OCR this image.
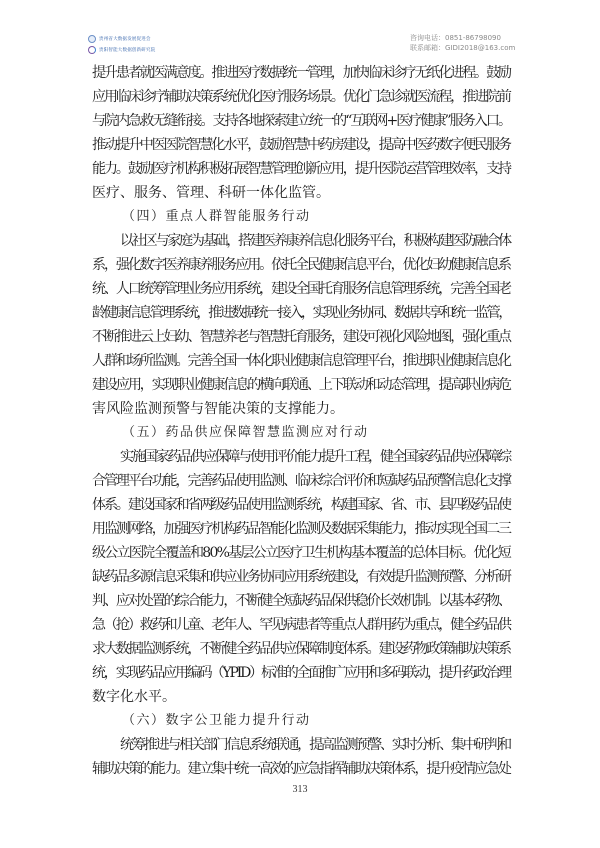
贵州省大数据发展促进会
贵阳智能大数据创新研究院
咨询电话：0851-86798090
联系邮箱：GIDI2018@163.com
提升患者就医满意度。推进医疗数据统一管理，加快临床诊疗无纸化进程。鼓励
应用临床诊疗辅助决策系统优化医疗服务场景。优化门急诊就医流程，推进院前
与院内急救无缝衔接。支持各地探索建立统一的“互联网+医疗健康”服务入口。
推动提升中医医院智慧化水平，鼓励智慧中药房建设，提高中医药数字便民服务
能力。鼓励医疗机构积极拓展智慧管理创新应用，提升医院运营管理效率，支持
医疗、服务、管理、科研一体化监管。
（四）重点人群智能服务行动
以社区与家庭为基础，搭建医养康养信息化服务平台，积极构建医防融合体
系，强化数字医养康养服务应用。依托全民健康信息平台，优化妇幼健康信息系
统、人口统筹管理业务应用系统，建设全国托育服务信息管理系统，完善全国老
龄健康信息管理系统，推进数据统一接入，实现业务协同、数据共享和统一监管，
不断推进云上妇幼、智慧养老与智慧托育服务，建设可视化风险地图，强化重点
人群和场所监测。完善全国一体化职业健康信息管理平台，推进职业健康信息化
建设应用，实现职业健康信息的横向联通、上下联动和动态管理，提高职业病危
害风险监测预警与智能决策的支撑能力。
（五）药品供应保障智慧监测应对行动
实施国家药品供应保障与使用评价能力提升工程，健全国家药品供应保障综
合管理平台功能，完善药品使用监测、临床综合评价和短缺药品预警信息化支撑
体系。建设国家和省两级药品使用监测系统，构建国家、省、市、县四级药品使
用监测网络，加强医疗机构药品智能化监测及数据采集能力，推动实现全国二三
级公立医院全覆盖和80%基层公立医疗卫生机构基本覆盖的总体目标。优化短
缺药品多源信息采集和供应业务协同应用系统建设，有效提升监测预警、分析研
判、应对处置的综合能力，不断健全短缺药品保供稳价长效机制。以基本药物、
急（抢）救药和儿童、老年人、罕见病患者等重点人群用药为重点，健全药品供
求大数据监测系统，不断健全药品供应保障制度体系。建设药物政策辅助决策系
统，实现药品应用编码（YPID）标准的全面推广应用和多码联动，提升药政治理
数字化水平。
（六）数字公卫能力提升行动
统筹推进与相关部门信息系统联通，提高监测预警、实时分析、集中研判和
辅助决策的能力。建立集中统一高效的应急指挥辅助决策体系，提升疫情应急处
313
